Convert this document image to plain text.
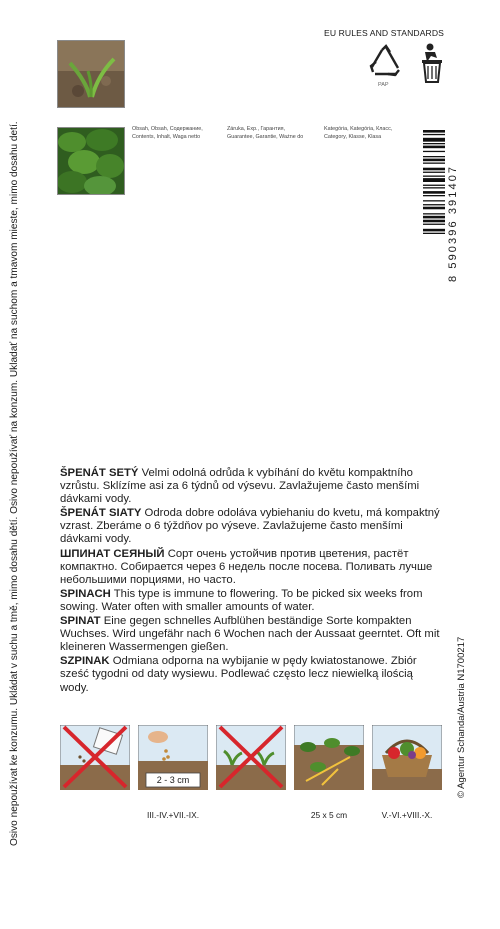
Osivo nepoužívat ke konzumu. Ukládat v suchu a tmě, mimo dosahu dětí. Osivo nepoužívať na konzum. Ukladať na suchom a tmavom mieste, mimo dosahu detí.
EU RULES AND STANDARDS
PAP
Obsah, Obsah, Содержание,
Contents, Inhalt, Waga netto
Záruka, Exp., Гарантия,
Guarantee, Garantie, Ważne do
Kategória, Kategória, Класс,
Category, Klasse, Klasa
8 590396 391407
© Agentur Schanda/Austria N1700217
ŠPENÁT SETÝ Velmi odolná odrůda k vybíhání do květu kompaktního vzrůstu. Sklízíme asi za 6 týdnů od výsevu. Zavlažujeme často menšími dávkami vody.
ŠPENÁT SIATY Odroda dobre odoláva vybiehaniu do kvetu, má kompaktný vzrast. Zberáme o 6 týždňov po výseve. Zavlažujeme často menšími dávkami vody.
ШПИНАТ СЕЯНЫЙ Сорт очень устойчив против цветения, растёт компактно. Собирается через 6 недель после посева. Поливать лучше небольшими порциями, но часто.
SPINACH This type is immune to flowering. To be picked six weeks from sowing. Water often with smaller amounts of water.
SPINAT Eine gegen schnelles Aufblühen beständige Sorte kompakten Wuchses. Wird ungefähr nach 6 Wochen nach der Aussaat geerntet. Oft mit kleineren Wassermengen gießen.
SZPINAK Odmiana odporna na wybijanie w pędy kwiatostanowe. Zbiór sześć tygodni od daty wysiewu. Podlewać często lecz niewielką ilością wody.
2 - 3 cm
III.-IV.+VII.-IX.	25 x 5 cm	V.-VI.+VIII.-X.
